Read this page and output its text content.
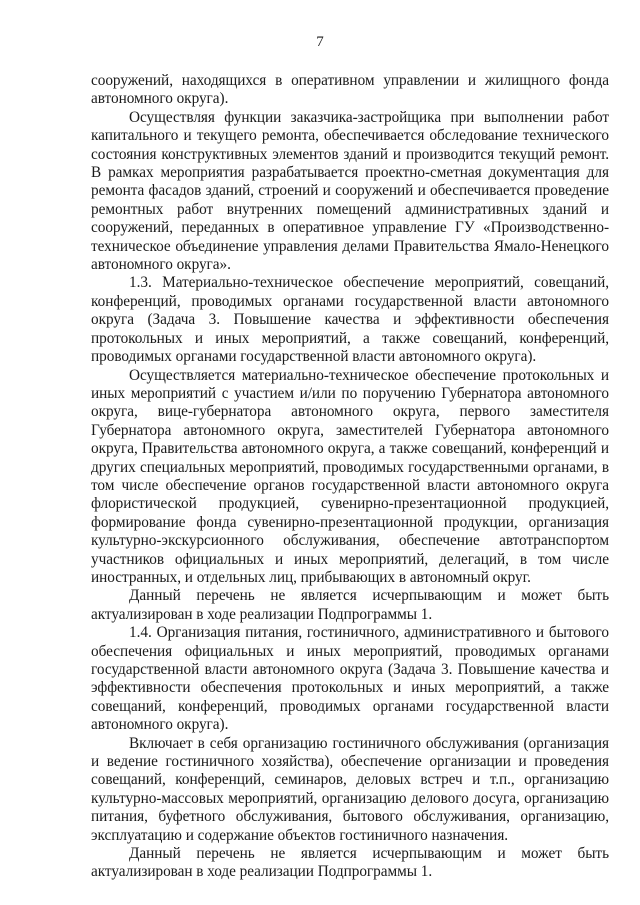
7

сооружений, находящихся в оперативном управлении и жилищного фонда автономного округа).

Осуществляя функции заказчика-застройщика при выполнении работ капитального и текущего ремонта, обеспечивается обследование технического состояния конструктивных элементов зданий и производится текущий ремонт. В рамках мероприятия разрабатывается проектно-сметная документация для ремонта фасадов зданий, строений и сооружений и обеспечивается проведение ремонтных работ внутренних помещений административных зданий и сооружений, переданных в оперативное управление ГУ «Производственно-техническое объединение управления делами Правительства Ямало-Ненецкого автономного округа».

1.3. Материально-техническое обеспечение мероприятий, совещаний, конференций, проводимых органами государственной власти автономного округа (Задача 3. Повышение качества и эффективности обеспечения протокольных и иных мероприятий, а также совещаний, конференций, проводимых органами государственной власти автономного округа).

Осуществляется материально-техническое обеспечение протокольных и иных мероприятий с участием и/или по поручению Губернатора автономного округа, вице-губернатора автономного округа, первого заместителя Губернатора автономного округа, заместителей Губернатора автономного округа, Правительства автономного округа, а также совещаний, конференций и других специальных мероприятий, проводимых государственными органами, в том числе обеспечение органов государственной власти автономного округа флористической продукцией, сувенирно-презентационной продукцией, формирование фонда сувенирно-презентационной продукции, организация культурно-экскурсионного обслуживания, обеспечение автотранспортом участников официальных и иных мероприятий, делегаций, в том числе иностранных, и отдельных лиц, прибывающих в автономный округ.

Данный перечень не является исчерпывающим и может быть актуализирован в ходе реализации Подпрограммы 1.

1.4. Организация питания, гостиничного, административного и бытового обеспечения официальных и иных мероприятий, проводимых органами государственной власти автономного округа (Задача 3. Повышение качества и эффективности обеспечения протокольных и иных мероприятий, а также совещаний, конференций, проводимых органами государственной власти автономного округа).

Включает в себя организацию гостиничного обслуживания (организация и ведение гостиничного хозяйства), обеспечение организации и проведения совещаний, конференций, семинаров, деловых встреч и т.п., организацию культурно-массовых мероприятий, организацию делового досуга, организацию питания, буфетного обслуживания, бытового обслуживания, организацию, эксплуатацию и содержание объектов гостиничного назначения.

Данный перечень не является исчерпывающим и может быть актуализирован в ходе реализации Подпрограммы 1.
